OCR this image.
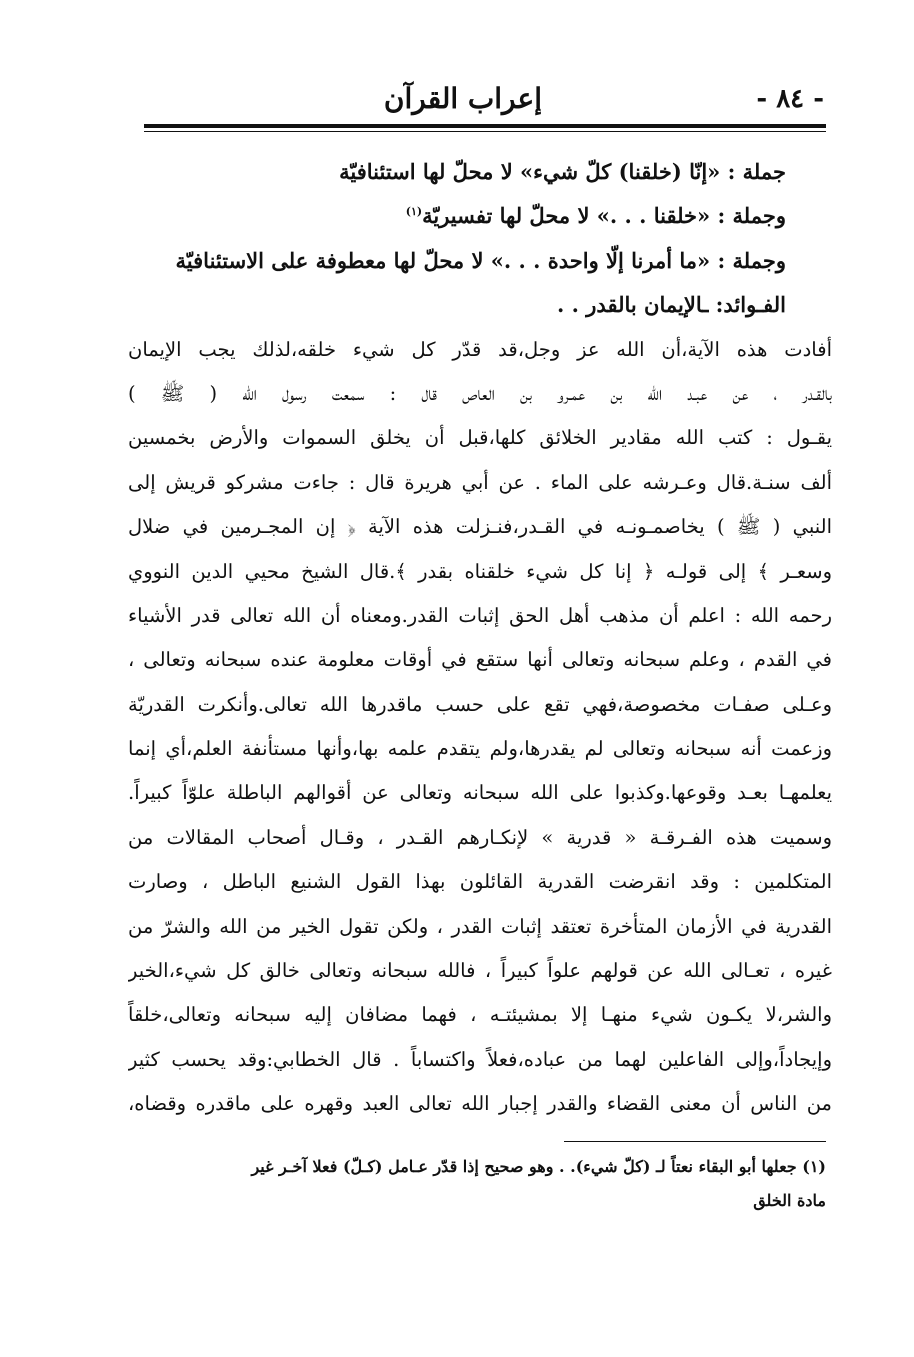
- ٨٤ -
إعراب القرآن
جملة : «إنّا (خلقنا) كلّ شيء» لا محلّ لها استئنافيّة
وجملة : «خلقنا . . .» لا محلّ لها تفسيريّة$^{(١)}$
وجملة : «ما أمرنا إلّا واحدة . . .» لا محلّ لها معطوفة على الاستئنافيّة
الفـوائد: ـالإيمان بالقدر . .
أفادت هذه الآية،أن الله عز وجل،قد قدّر كل شيء خلقه،لذلك يجب الإيمان
بالقـدر ، عن عبـد الله بن عمـرو بن العاص قال : سمعت رسول الله ( ﷺ )
يقـول : كتب الله مقادير الخلائق كلها،قبل أن يخلق السموات والأرض بخمسين
ألف سنـة.قال وعـرشه على الماء . عن أبي هريرة قال : جاءت مشركو قريش إلى
النبي ( ﷺ ) يخاصمـونـه في القـدر،فنـزلت هذه الآية ﴿ إن المجـرمين في ضلال
وسعـر ﴾ إلى قولـه ﴿ إنا كل شيء خلقناه بقدر ﴾.قال الشيخ محيي الدين النووي
رحمه الله : اعلم أن مذهب أهل الحق إثبات القدر.ومعناه أن الله تعالى قدر الأشياء
في القدم ، وعلم سبحانه وتعالى أنها ستقع في أوقات معلومة عنده سبحانه وتعالى ،
وعـلى صفـات مخصوصة،فهي تقع على حسب ماقدرها الله تعالى.وأنكرت القدريّة
وزعمت أنه سبحانه وتعالى لم يقدرها،ولم يتقدم علمه بها،وأنها مستأنفة العلم،أي إنما
يعلمهـا بعـد وقوعها.وكذبوا على الله سبحانه وتعالى عن أقوالهم الباطلة علوّاً كبيراً.
وسميت هذه الفـرقـة « قدرية » لإنكـارهم القـدر ، وقـال أصحاب المقالات من
المتكلمين : وقد انقرضت القدرية القائلون بهذا القول الشنيع الباطل ، وصارت
القدرية في الأزمان المتأخرة تعتقد إثبات القدر ، ولكن تقول الخير من الله والشرّ من
غيره ، تعـالى الله عن قولهم علواً كبيراً ، فالله سبحانه وتعالى خالق كل شيء،الخير
والشر،لا يكـون شيء منهـا إلا بمشيئتـه ، فهما مضافان إليه سبحانه وتعالى،خلقاً
وإيجاداً،وإلى الفاعلين لهما من عباده،فعلاً واكتساباً . قال الخطابي:وقد يحسب كثير
من الناس أن معنى القضاء والقدر إجبار الله تعالى العبد وقهره على ماقدره وقضاه،
(١) جعلها أبو البقاء نعتاً لـ (كلّ شيء). . وهو صحيح إذا قدّر عـامل (كـلّ) فعلا آخـر غير
مادة الخلق
